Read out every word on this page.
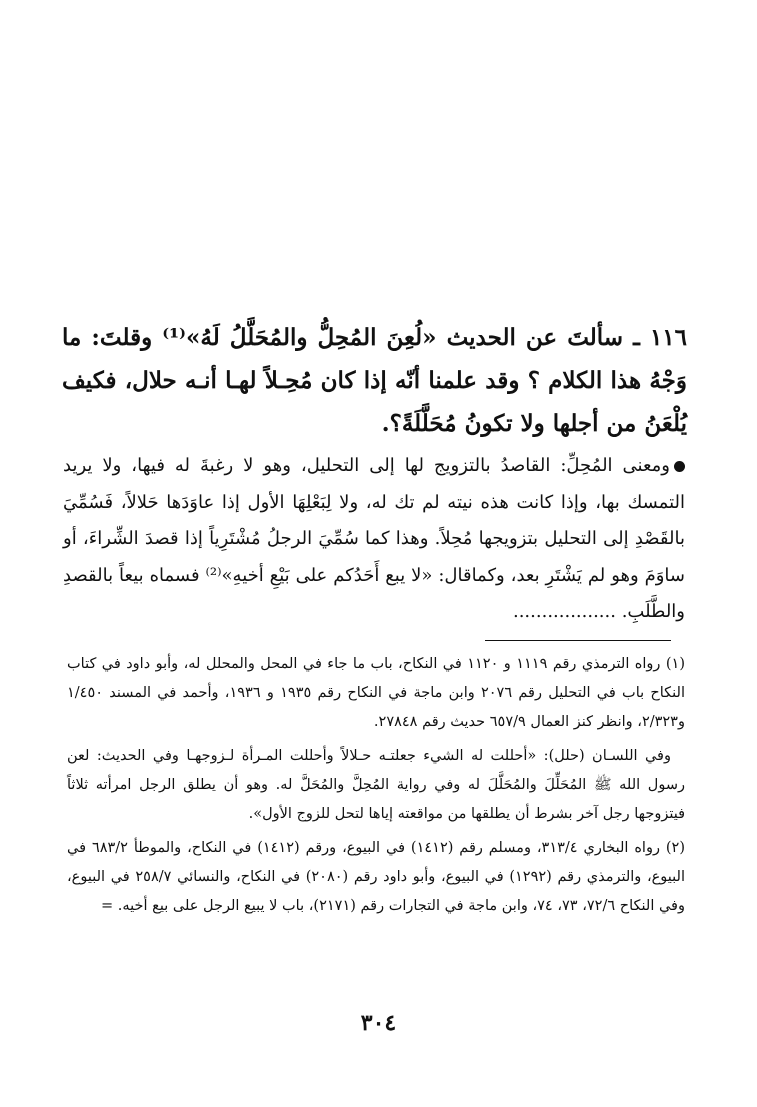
١١٦ ـ سألتَ عن الحديث «لُعِنَ المُحِلُّ والمُحَلَّلُ لَهُ»⁽¹⁾ وقلتَ: ما وَجْهُ هذا الكلام ؟ وقد علمنا أنّه إذا كان مُحِـلاً لهـا أنـه حلال، فكيف يُلْعَنُ من أجلها ولا تكونُ مُحَلَّلَةً؟.

ومعنى المُحِلِّ: القاصدُ بالتزويج لها إلى التحليل، وهو لا رغبةَ له فيها، ولا يريد التمسك بها، وإذا كانت هذه نيته لم تك له، ولا لِبَعْلِهَا الأول إذا عاوَدَها حَلالاً، فَسُمِّيَ بالقَصْدِ إلى التحليل بتزويجها مُحِلاً. وهذا كما سُمِّيَ الرجلُ مُشْتَرِياً إذا قصدَ الشِّراءَ، أو ساوَمَ وهو لم يَشْتَرِ بعد، وكماقال: «لا يبع أَحَدُكم على بَيْعِ أخيهِ»⁽²⁾ فسماه بيعاً بالقصدِ والطَّلَبِ. ..................

(١) رواه الترمذي رقم ١١١٩ و ١١٢٠ في النكاح، باب ما جاء في المحل والمحلل له، وأبو داود في كتاب النكاح باب في التحليل رقم ٢٠٧٦ وابن ماجة في النكاح رقم ١٩٣٥ و ١٩٣٦، وأحمد في المسند ١/٤٥٠ و٢/٣٢٣، وانظر كنز العمال ٦٥٧/٩ حديث رقم ٢٧٨٤٨.

وفي اللسـان (حلل): «أحللت له الشيء جعلتـه حـلالاً وأحللت المـرأة لـزوجهـا وفي الحديث: لعن رسول الله ﷺ المُحَلِّلَ والمُحَلَّلَ له وفي رواية المُحِلَّ والمُحَلَّ له. وهو أن يطلق الرجل امرأته ثلاثاً فيتزوجها رجل آخر بشرط أن يطلقها من مواقعته إياها لتحل للزوج الأول».

(٢) رواه البخاري ٣١٣/٤، ومسلم رقم (١٤١٢) في البيوع، ورقم (١٤١٢) في النكاح، والموطأ ٦٨٣/٢ في البيوع، والترمذي رقم (١٢٩٢) في البيوع، وأبو داود رقم (٢٠٨٠) في النكاح، والنسائي ٢٥٨/٧ في البيوع، وفي النكاح ٧٢/٦، ٧٣، ٧٤، وابن ماجة في التجارات رقم (٢١٧١)، باب لا يبيع الرجل على بيع أخيه. =

٣٠٤
